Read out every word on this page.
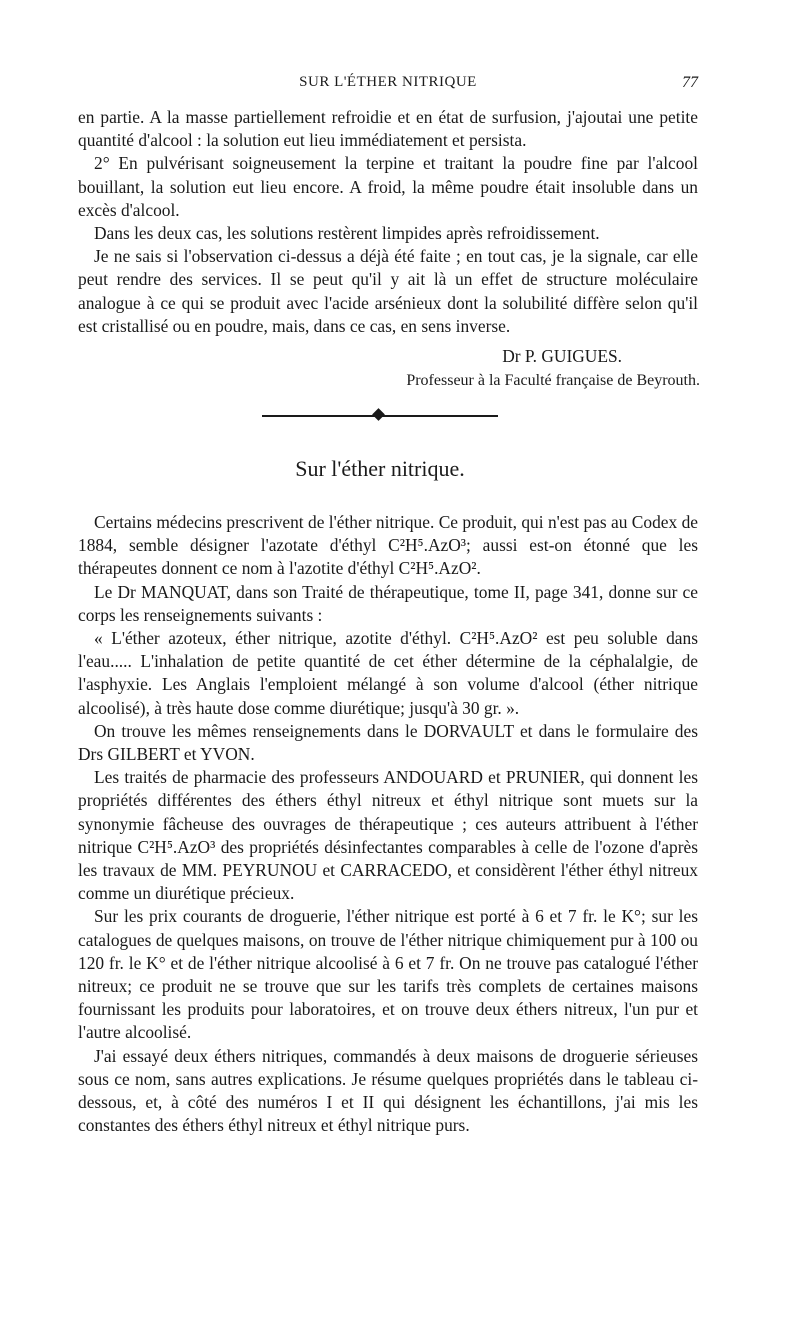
SUR L'ÉTHER NITRIQUE	77

en partie. A la masse partiellement refroidie et en état de surfusion, j'ajoutai une petite quantité d'alcool : la solution eut lieu immédiatement et persista.

2° En pulvérisant soigneusement la terpine et traitant la poudre fine par l'alcool bouillant, la solution eut lieu encore. A froid, la même poudre était insoluble dans un excès d'alcool.

Dans les deux cas, les solutions restèrent limpides après refroidissement.

Je ne sais si l'observation ci-dessus a déjà été faite ; en tout cas, je la signale, car elle peut rendre des services. Il se peut qu'il y ait là un effet de structure moléculaire analogue à ce qui se produit avec l'acide arsénieux dont la solubilité diffère selon qu'il est cristallisé ou en poudre, mais, dans ce cas, en sens inverse.

Dr P. GUIGUES.
Professeur à la Faculté française de Beyrouth.
Sur l'éther nitrique.

Certains médecins prescrivent de l'éther nitrique. Ce produit, qui n'est pas au Codex de 1884, semble désigner l'azotate d'éthyl C²H⁵.AzO³; aussi est-on étonné que les thérapeutes donnent ce nom à l'azotite d'éthyl C²H⁵.AzO².

Le Dr MANQUAT, dans son Traité de thérapeutique, tome II, page 341, donne sur ce corps les renseignements suivants :

« L'éther azoteux, éther nitrique, azotite d'éthyl. C²H⁵.AzO² est peu soluble dans l'eau..... L'inhalation de petite quantité de cet éther détermine de la céphalalgie, de l'asphyxie. Les Anglais l'emploient mélangé à son volume d'alcool (éther nitrique alcoolisé), à très haute dose comme diurétique; jusqu'à 30 gr. ».

On trouve les mêmes renseignements dans le DORVAULT et dans le formulaire des Drs GILBERT et YVON.

Les traités de pharmacie des professeurs ANDOUARD et PRUNIER, qui donnent les propriétés différentes des éthers éthyl nitreux et éthyl nitrique sont muets sur la synonymie fâcheuse des ouvrages de thérapeutique ; ces auteurs attribuent à l'éther nitrique C²H⁵.AzO³ des propriétés désinfectantes comparables à celle de l'ozone d'après les travaux de MM. PEYRUNOU et CARRACEDO, et considèrent l'éther éthyl nitreux comme un diurétique précieux.

Sur les prix courants de droguerie, l'éther nitrique est porté à 6 et 7 fr. le K°; sur les catalogues de quelques maisons, on trouve de l'éther nitrique chimiquement pur à 100 ou 120 fr. le K° et de l'éther nitrique alcoolisé à 6 et 7 fr. On ne trouve pas catalogué l'éther nitreux; ce produit ne se trouve que sur les tarifs très complets de certaines maisons fournissant les produits pour laboratoires, et on trouve deux éthers nitreux, l'un pur et l'autre alcoolisé.

J'ai essayé deux éthers nitriques, commandés à deux maisons de droguerie sérieuses sous ce nom, sans autres explications. Je résume quelques propriétés dans le tableau ci-dessous, et, à côté des numéros I et II qui désignent les échantillons, j'ai mis les constantes des éthers éthyl nitreux et éthyl nitrique purs.
